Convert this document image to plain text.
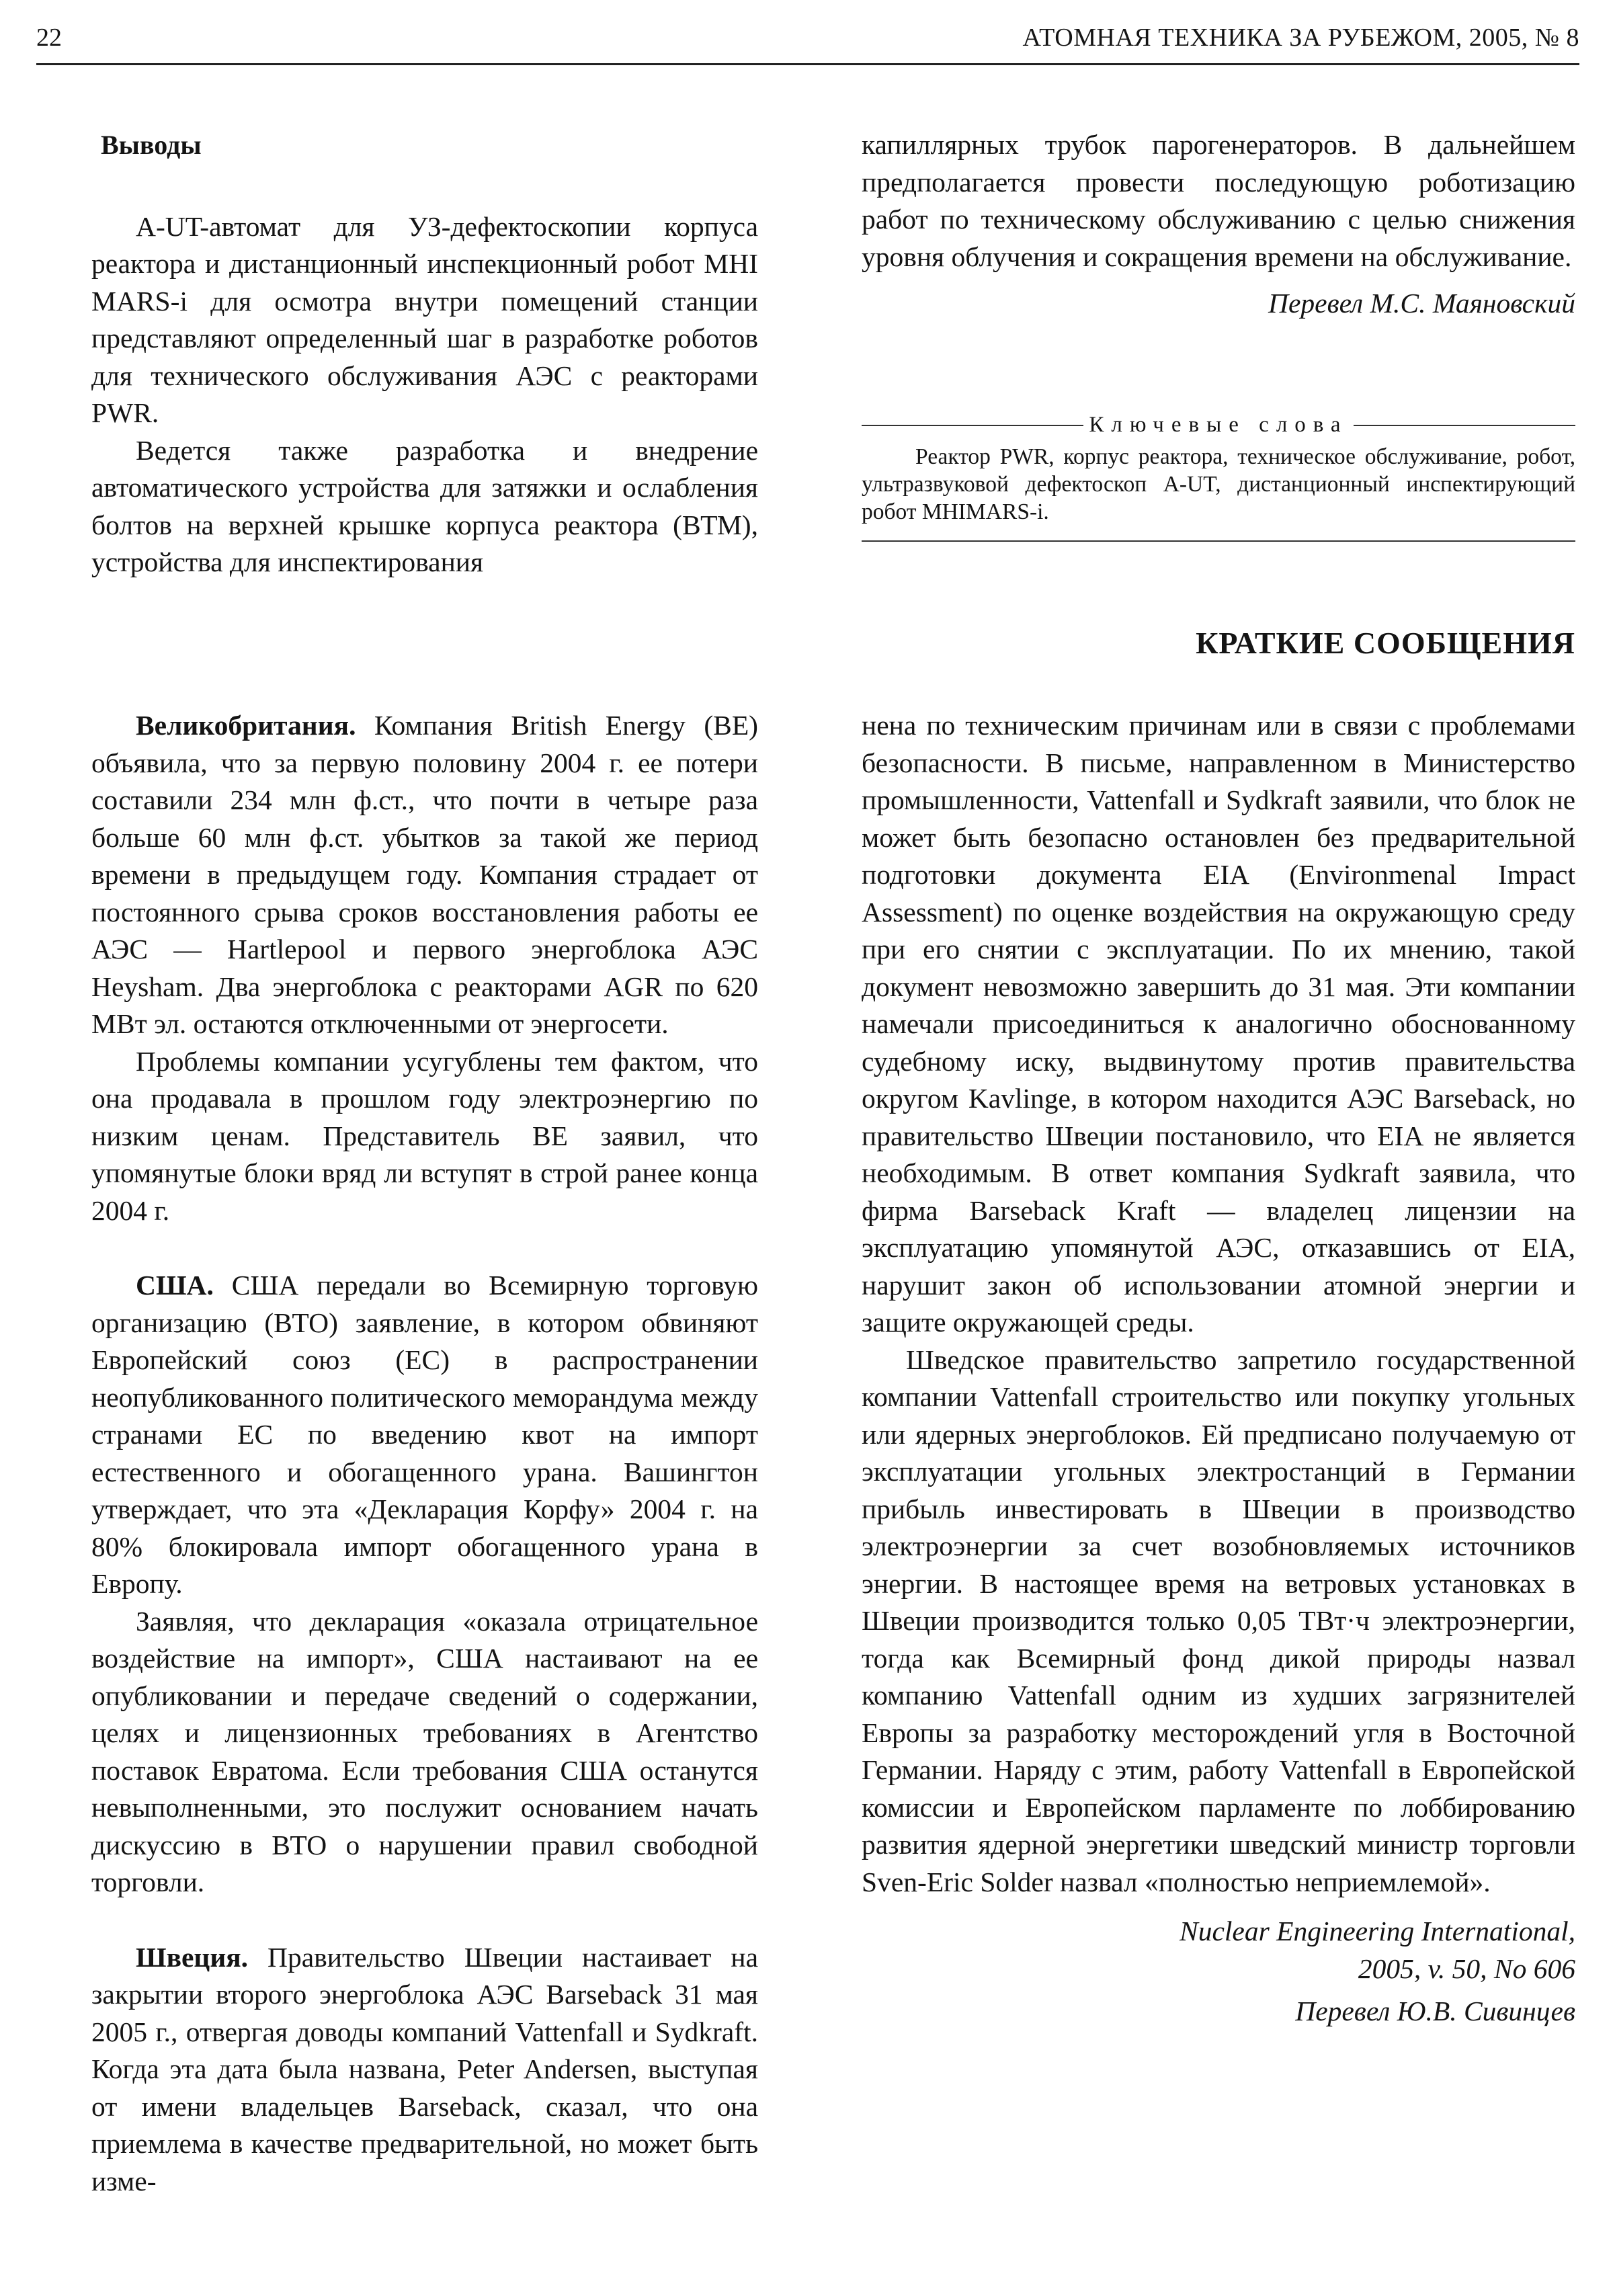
22	АТОМНАЯ ТЕХНИКА ЗА РУБЕЖОМ, 2005, № 8

Выводы

A-UT-автомат для УЗ-дефектоскопии корпуса реактора и дистанционный инспекционный робот MHI MARS-i для осмотра внутри помещений станции представляют определенный шаг в разработке роботов для технического обслуживания АЭС с реакторами PWR.

Ведется также разработка и внедрение автоматического устройства для затяжки и ослабления болтов на верхней крышке корпуса реактора (ВТМ), устройства для инспектирования

капиллярных трубок парогенераторов. В дальнейшем предполагается провести последующую роботизацию работ по техническому обслуживанию с целью снижения уровня облучения и сокращения времени на обслуживание.

Перевел М.С. Маяновский

Ключевые слова

Реактор PWR, корпус реактора, техническое обслуживание, робот, ультразвуковой дефектоскоп A-UT, дистанционный инспектирующий робот MHIMARS-i.

КРАТКИЕ СООБЩЕНИЯ

Великобритания. Компания British Energy (BE) объявила, что за первую половину 2004 г. ее потери составили 234 млн ф.ст., что почти в четыре раза больше 60 млн ф.ст. убытков за такой же период времени в предыдущем году. Компания страдает от постоянного срыва сроков восстановления работы ее АЭС — Hartlepool и первого энергоблока АЭС Heysham. Два энергоблока с реакторами AGR по 620 МВт эл. остаются отключенными от энергосети.

Проблемы компании усугублены тем фактом, что она продавала в прошлом году электроэнергию по низким ценам. Представитель BE заявил, что упомянутые блоки вряд ли вступят в строй ранее конца 2004 г.

США. США передали во Всемирную торговую организацию (ВТО) заявление, в котором обвиняют Европейский союз (ЕС) в распространении неопубликованного политического меморандума между странами ЕС по введению квот на импорт естественного и обогащенного урана. Вашингтон утверждает, что эта «Декларация Корфу» 2004 г. на 80% блокировала импорт обогащенного урана в Европу.

Заявляя, что декларация «оказала отрицательное воздействие на импорт», США настаивают на ее опубликовании и передаче сведений о содержании, целях и лицензионных требованиях в Агентство поставок Евратома. Если требования США останутся невыполненными, это послужит основанием начать дискуссию в ВТО о нарушении правил свободной торговли.

Швеция. Правительство Швеции настаивает на закрытии второго энергоблока АЭС Barseback 31 мая 2005 г., отвергая доводы компаний Vattenfall и Sydkraft. Когда эта дата была названа, Peter Andersen, выступая от имени владельцев Barseback, сказал, что она приемлема в качестве предварительной, но может быть изме-

нена по техническим причинам или в связи с проблемами безопасности. В письме, направленном в Министерство промышленности, Vattenfall и Sydkraft заявили, что блок не может быть безопасно остановлен без предварительной подготовки документа EIA (Environmenal Impact Assessment) по оценке воздействия на окружающую среду при его снятии с эксплуатации. По их мнению, такой документ невозможно завершить до 31 мая. Эти компании намечали присоединиться к аналогично обоснованному судебному иску, выдвинутому против правительства округом Kavlinge, в котором находится АЭС Barseback, но правительство Швеции постановило, что EIA не является необходимым. В ответ компания Sydkraft заявила, что фирма Barseback Kraft — владелец лицензии на эксплуатацию упомянутой АЭС, отказавшись от EIA, нарушит закон об использовании атомной энергии и защите окружающей среды.

Шведское правительство запретило государственной компании Vattenfall строительство или покупку угольных или ядерных энергоблоков. Ей предписано получаемую от эксплуатации угольных электростанций в Германии прибыль инвестировать в Швеции в производство электроэнергии за счет возобновляемых источников энергии. В настоящее время на ветровых установках в Швеции производится только 0,05 ТВт·ч электроэнергии, тогда как Всемирный фонд дикой природы назвал компанию Vattenfall одним из худших загрязнителей Европы за разработку месторождений угля в Восточной Германии. Наряду с этим, работу Vattenfall в Европейской комиссии и Европейском парламенте по лоббированию развития ядерной энергетики шведский министр торговли Sven-Eric Solder назвал «полностью неприемлемой».

Nuclear Engineering International,

2005, v. 50, No 606

Перевел Ю.В. Сивинцев
